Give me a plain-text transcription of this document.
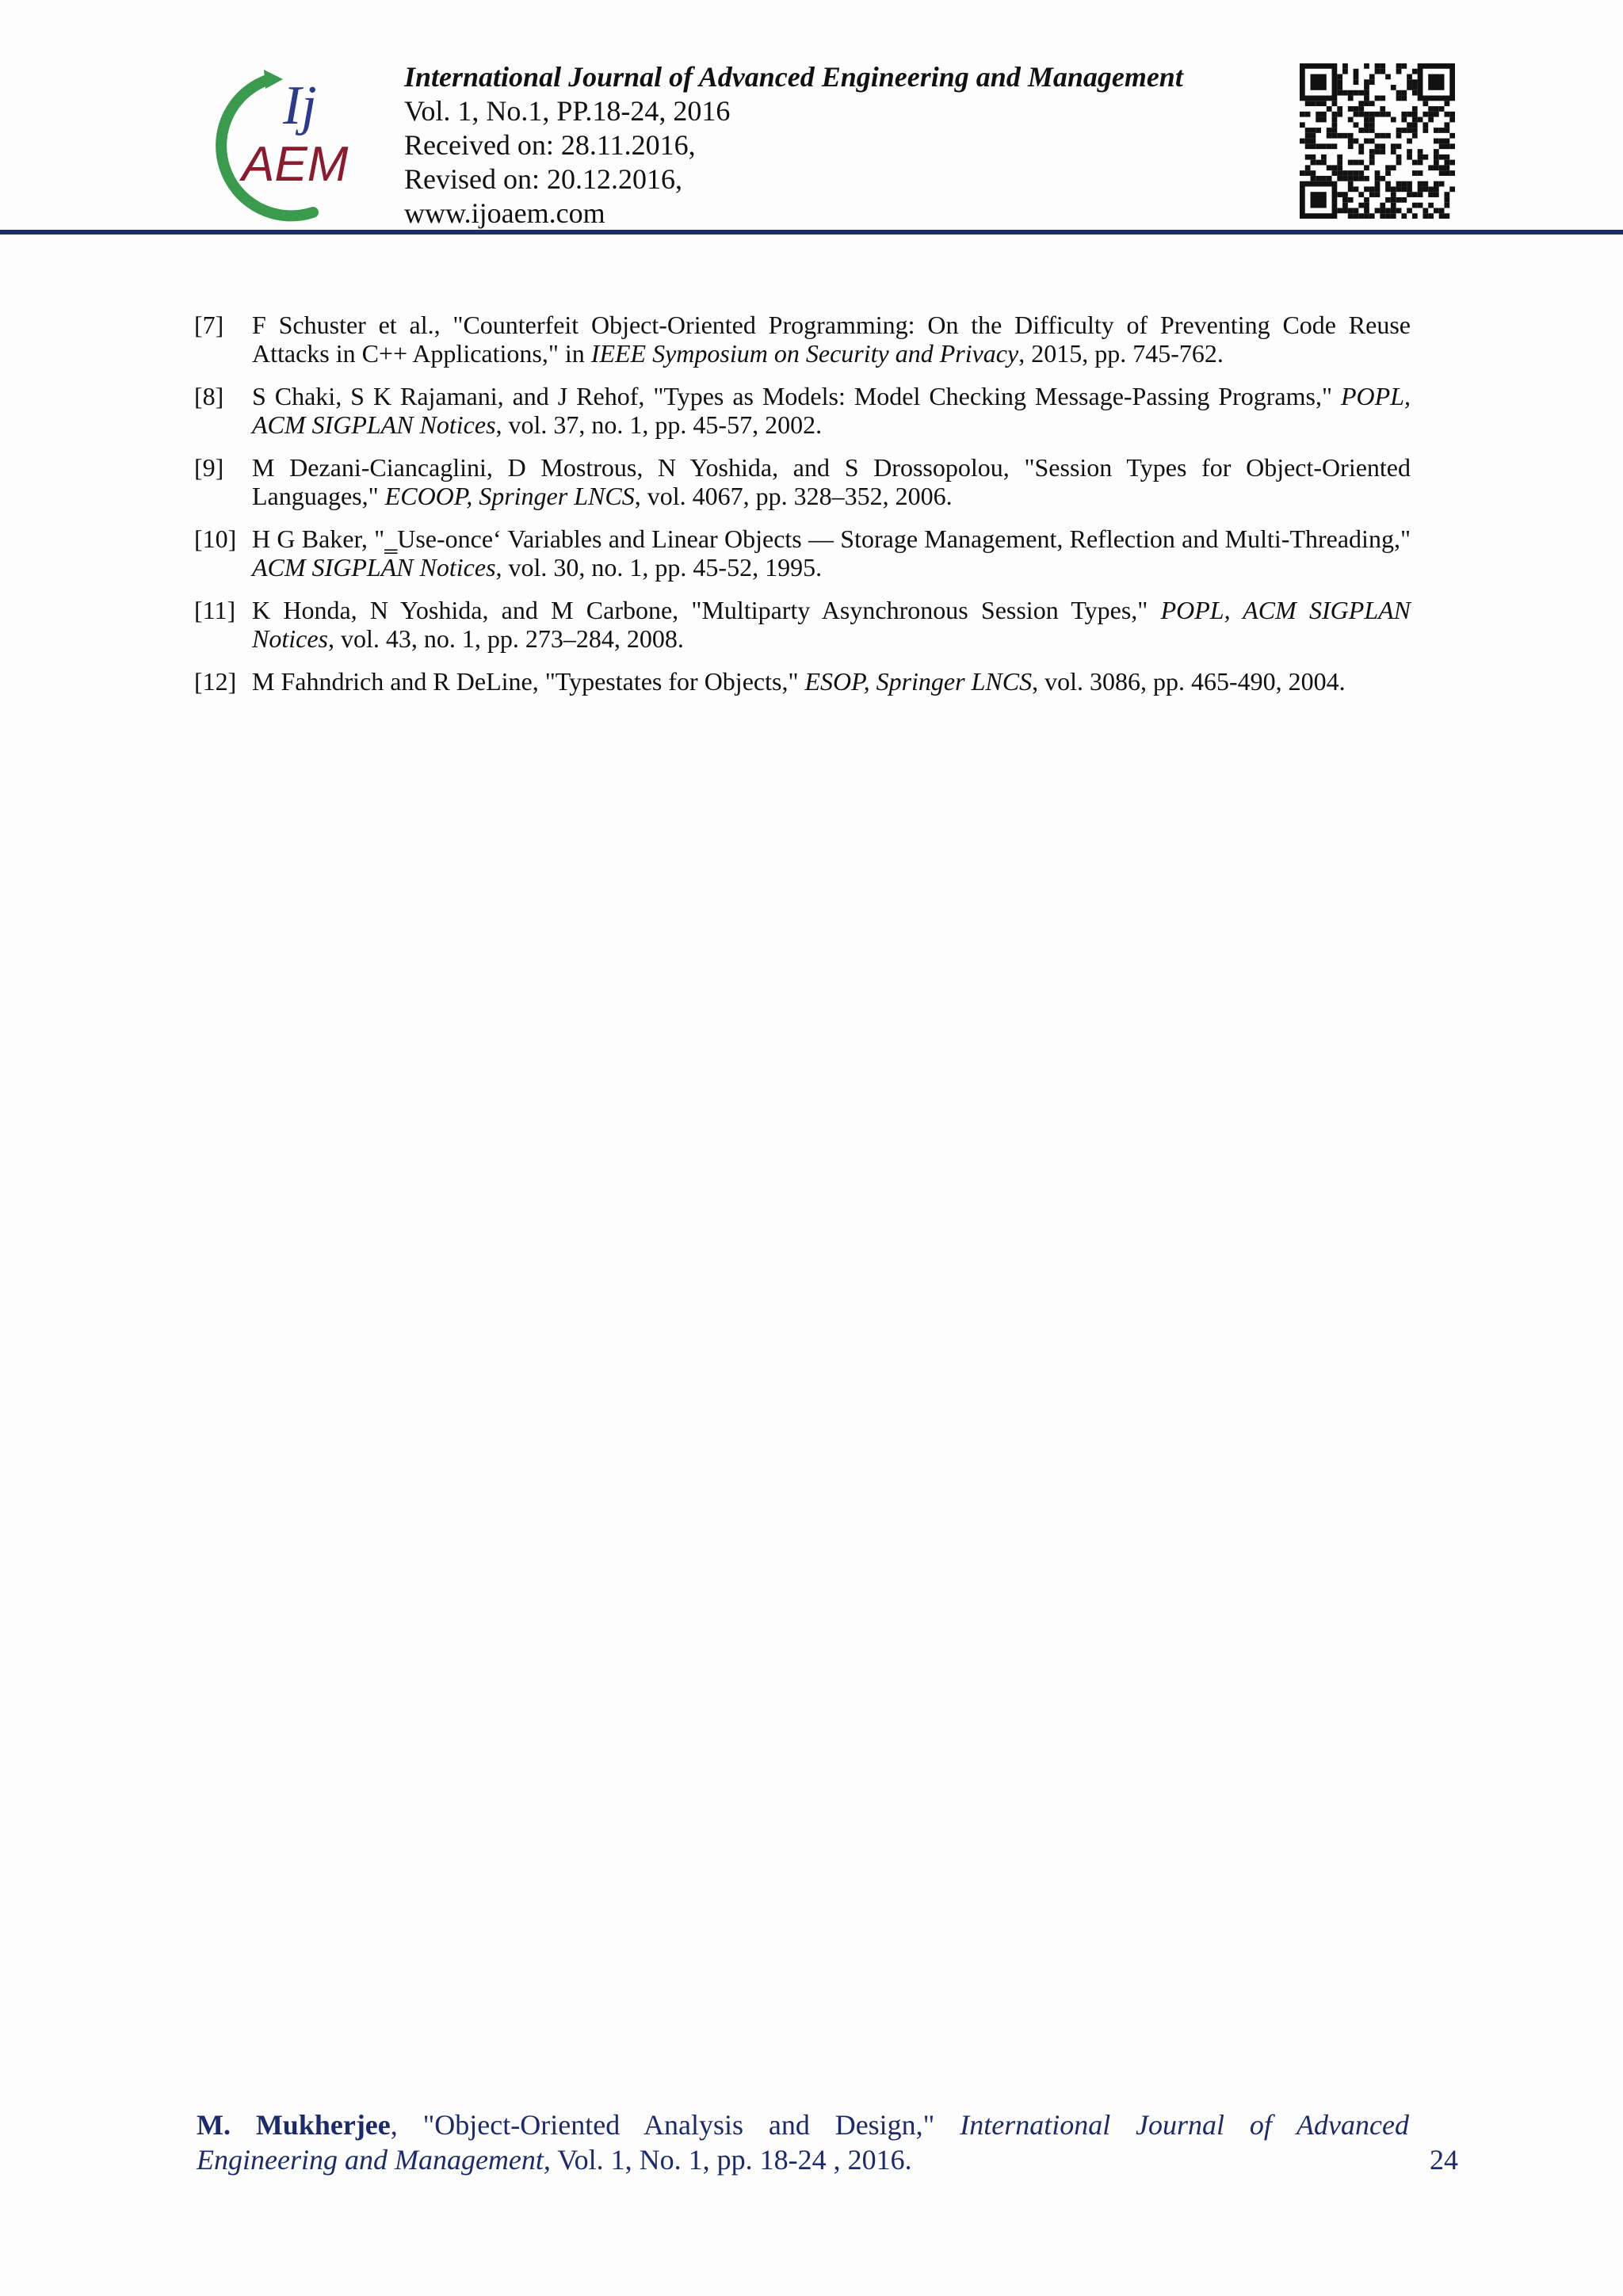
Ij
AEM
International Journal of Advanced Engineering and Management
Vol. 1, No.1, PP.18-24, 2016
Received on: 28.11.2016,
Revised on: 20.12.2016,
www.ijoaem.com
[7]	F Schuster et al., "Counterfeit Object-Oriented Programming: On the Difficulty of Preventing Code Reuse Attacks in C++ Applications," in IEEE Symposium on Security and Privacy, 2015, pp. 745-762.
[8]	S Chaki, S K Rajamani, and J Rehof, "Types as Models: Model Checking Message-Passing Programs," POPL, ACM SIGPLAN Notices, vol. 37, no. 1, pp. 45-57, 2002.
[9]	M Dezani-Ciancaglini, D Mostrous, N Yoshida, and S Drossopolou, "Session Types for Object-Oriented Languages," ECOOP, Springer LNCS, vol. 4067, pp. 328–352, 2006.
[10] H G Baker, "‗Use-once‘ Variables and Linear Objects — Storage Management, Reflection and Multi-Threading," ACM SIGPLAN Notices, vol. 30, no. 1, pp. 45-52, 1995.
[11] K Honda, N Yoshida, and M Carbone, "Multiparty Asynchronous Session Types," POPL, ACM SIGPLAN Notices, vol. 43, no. 1, pp. 273–284, 2008.
[12] M Fahndrich and R DeLine, "Typestates for Objects," ESOP, Springer LNCS, vol. 3086, pp. 465-490, 2004.
M. Mukherjee, "Object-Oriented Analysis and Design," International Journal of Advanced
Engineering and Management, Vol. 1, No. 1, pp. 18-24 , 2016.	24
